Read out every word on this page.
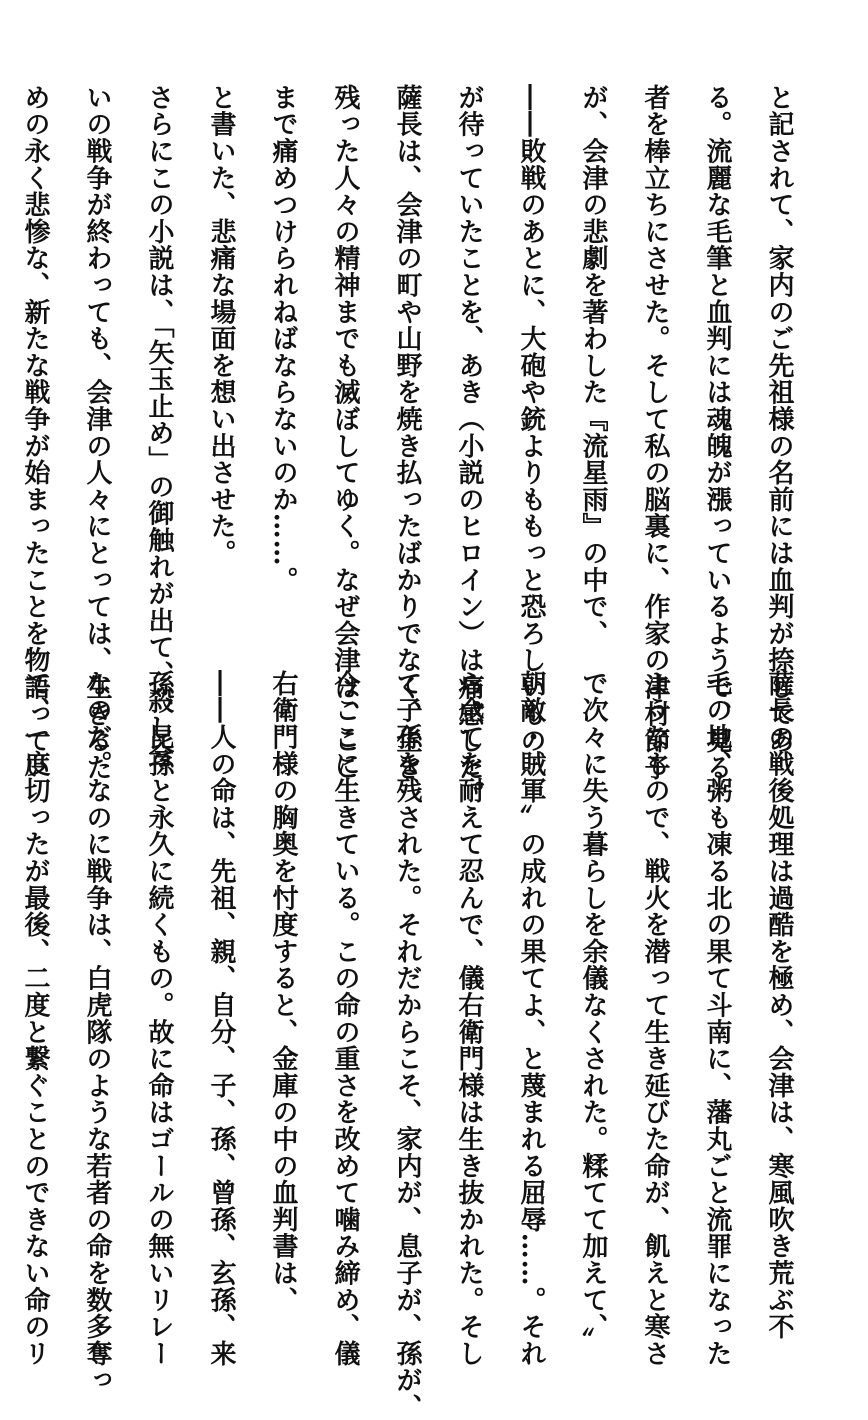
と記されて、家内のご先祖様の名前には血判が捺してあ
る。流麗な毛筆と血判には魂魄が漲っているようで、見る
者を棒立ちにさせた。そして私の脳裏に、作家の津村節子
が、会津の悲劇を著わした『流星雨』の中で、
――敗戦のあとに、大砲や銃よりももっと恐ろしいもの
が待っていたことを、あき（小説のヒロイン）は痛感した。
薩長は、会津の町や山野を焼き払ったばかりでなく、生き
残った人々の精神までも滅ぼしてゆく。なぜ会津は、ここ
まで痛めつけられねばならないのか……。
と書いた、悲痛な場面を想い出させた。
さらにこの小説は、「矢玉止め」の御触れが出て、殺し合
いの戦争が終わっても、会津の人々にとっては、生きるた
めの永く悲惨な、新たな戦争が始まったことを物語ってい
薩長の戦後処理は過酷を極め、会津は、寒風吹き荒ぶ不
毛の地、粥も凍る北の果て斗南に、藩丸ごと流罪になった
ようなもので、戦火を潜って生き延びた命が、飢えと寒さ
で次々に失う暮らしを余儀なくされた。糅てて加えて、〞
朝敵・賊軍〞の成れの果てよ、と蔑まれる屈辱……。それ
ら全てを耐えて忍んで、儀右衛門様は生き抜かれた。そし
て子孫を残された。それだからこそ、家内が、息子が、孫が、
今ここに生きている。この命の重さを改めて噛み締め、儀
右衛門様の胸奥を忖度すると、金庫の中の血判書は、
――人の命は、先祖、親、自分、子、孫、曾孫、玄孫、来
孫、昆孫と永久に続くもの。故に命はゴールの無いリレー
なのだ。なのに戦争は、白虎隊のような若者の命を数多奪っ
て、一度切ったが最後、二度と繋ぐことのできない命のリ
